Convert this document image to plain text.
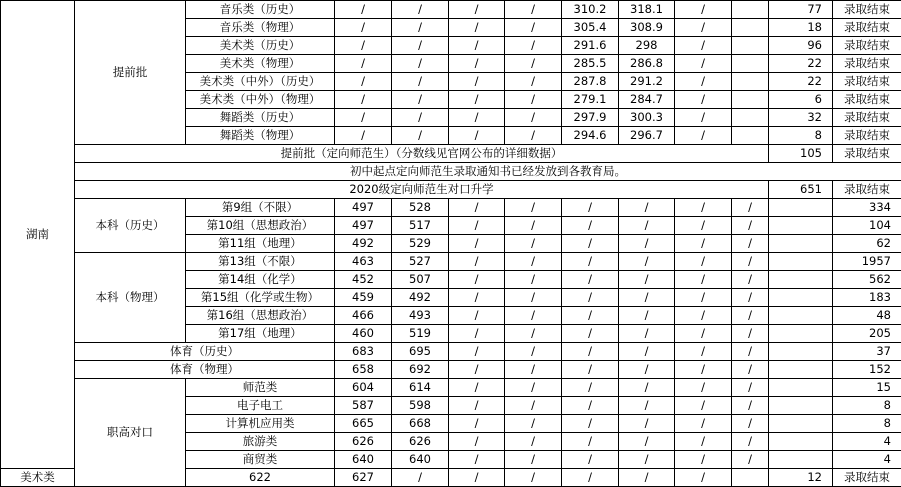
湖南	提前批	音乐类（历史）	/	/	/	/	310.2	318.1	/		77	录取结束	
		音乐类（物理）	/	/	/	/	305.4	308.9	/		18	录取结束	
		美术类（历史）	/	/	/	/	291.6	298	/		96	录取结束	
		美术类（物理）	/	/	/	/	285.5	286.8	/		22	录取结束	
		美术类（中外）（历史）	/	/	/	/	287.8	291.2	/		22	录取结束	
		美术类（中外）（物理）	/	/	/	/	279.1	284.7	/		6	录取结束	
		舞蹈类（历史）	/	/	/	/	297.9	300.3	/		32	录取结束	
		舞蹈类（物理）	/	/	/	/	294.6	296.7	/		8	录取结束	
	提前批（定向师范生）（分数线见官网公布的详细数据）										105	录取结束	
	初中起点定向师范生录取通知书已经发放到各教育局。												
	2020级定向师范生对口升学										651	录取结束	
	本科（历史）	第9组（不限）	497	528	/	/	/	/	/	/		334	
		第10组（思想政治）	497	517	/	/	/	/	/	/		104	
		第11组（地理）	492	529	/	/	/	/	/	/		62	
	本科（物理）	第13组（不限）	463	527	/	/	/	/	/	/		1957	
		第14组（化学）	452	507	/	/	/	/	/	/		562	
		第15组（化学或生物）	459	492	/	/	/	/	/	/		183	
		第16组（思想政治）	466	493	/	/	/	/	/	/		48	
		第17组（地理）	460	519	/	/	/	/	/	/		205	
	体育（历史）		683	695	/	/	/	/	/	/		37	
	体育（物理）		658	692	/	/	/	/	/	/		152	
	职高对口	师范类	604	614	/	/	/	/	/	/		15	
		电子电工	587	598	/	/	/	/	/	/		8	
		计算机应用类	665	668	/	/	/	/	/	/		8	
		旅游类	626	626	/	/	/	/	/	/		4	
		商贸类	640	640	/	/	/	/	/	/		4	
美术类		622	627	/	/	/	/	/	/		12	录取结束	
